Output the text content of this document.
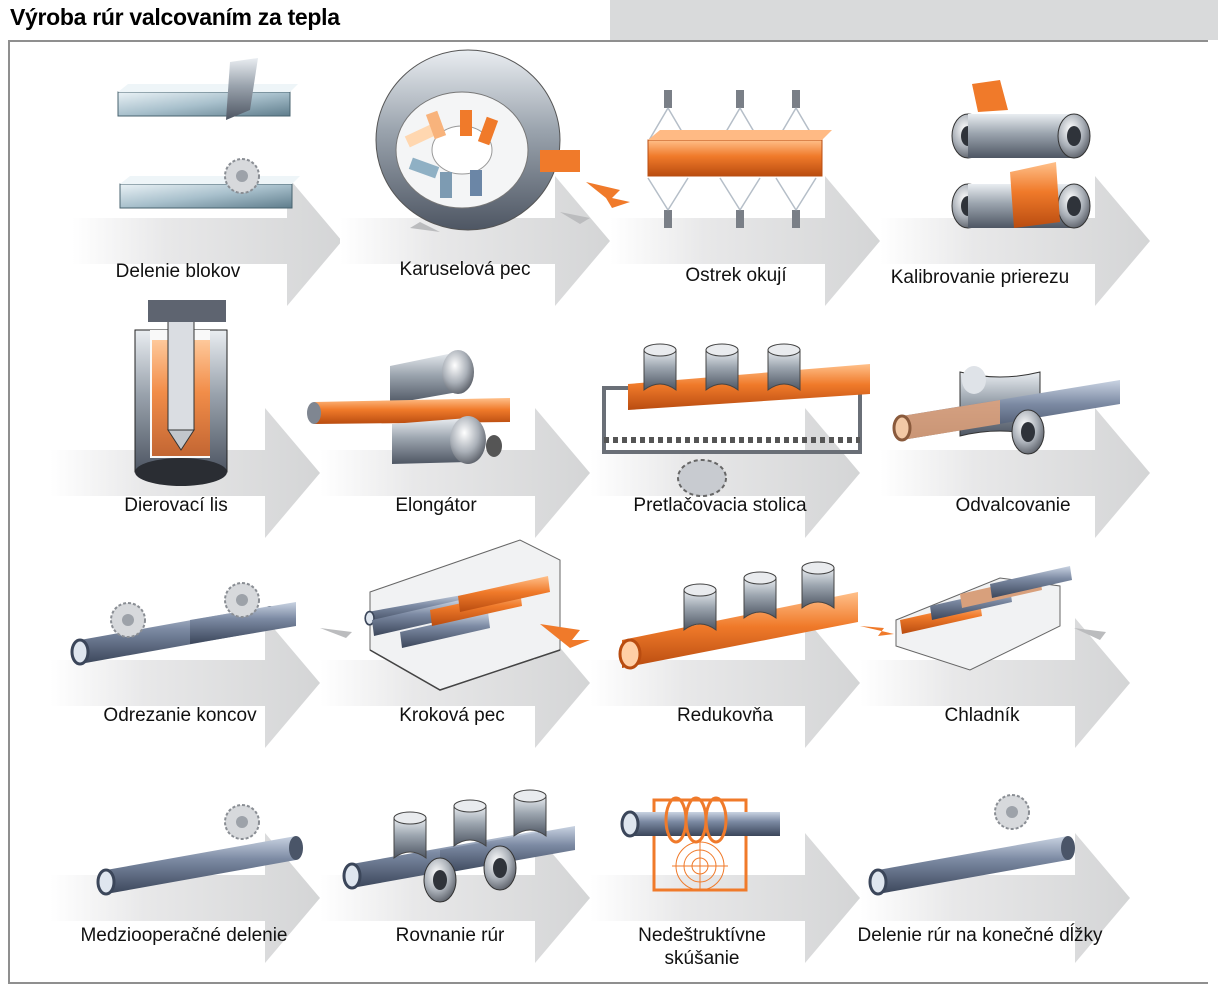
Výroba rúr valcovaním za tepla
Delenie blokov	Karuselová pec	Ostrek okují	Kalibrovanie prierezu
Dierovací lis	Elongátor	Pretlačovacia stolica	Odvalcovanie
Odrezanie koncov	Kroková pec	Redukovňa	Chladník
Medziooperačné delenie	Rovnanie rúr	Nedeštruktívne skúšanie
Delenie rúr na konečné dĺžky
